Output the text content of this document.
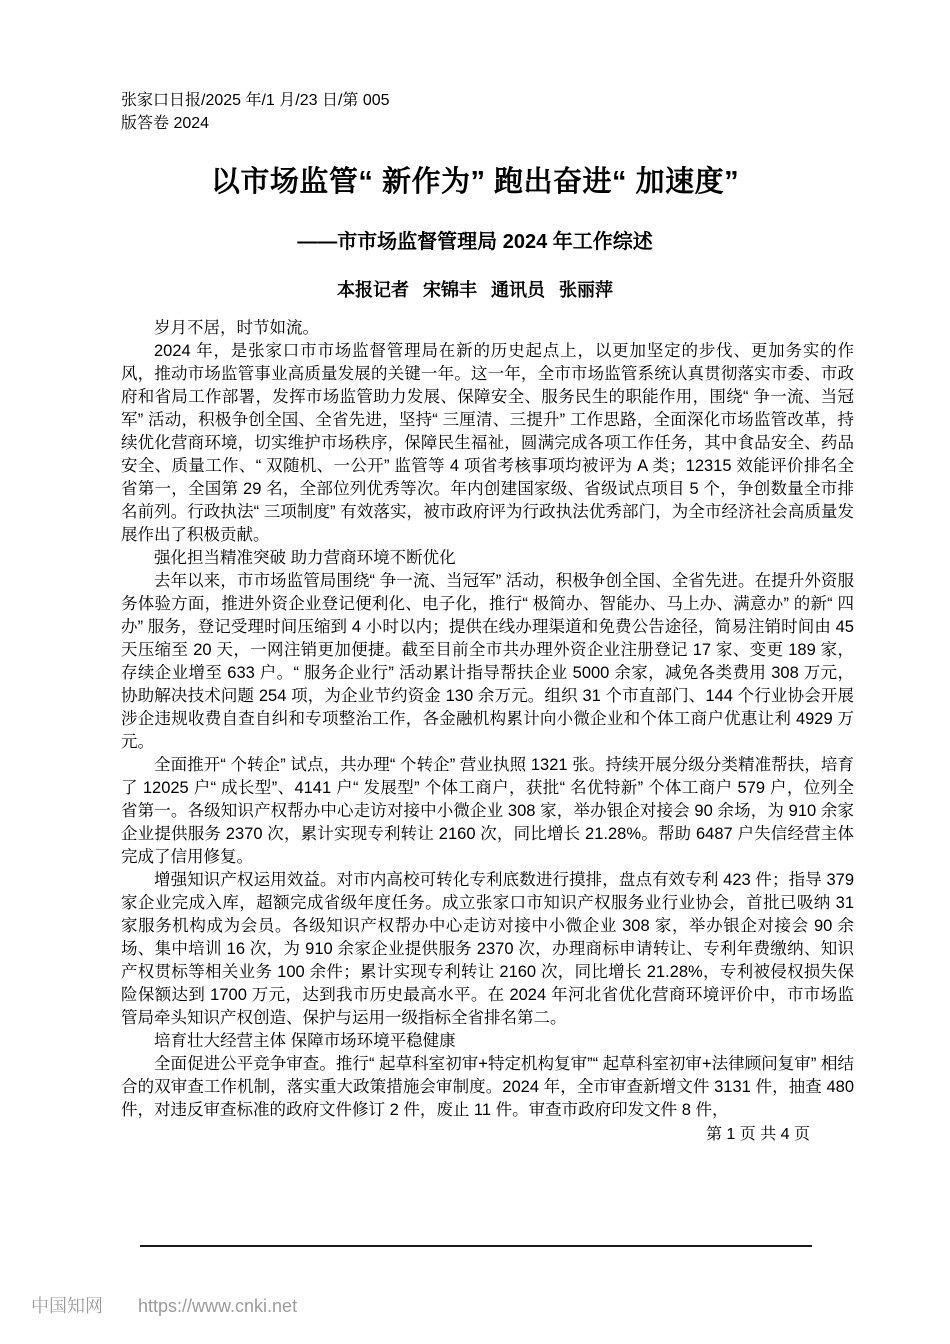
张家口日报/2025 年/1 月/23 日/第 005
版答卷 2024
以市场监管“ 新作为” 跑出奋进“ 加速度”
——市市场监督管理局 2024 年工作综述
本报记者 宋锦丰 通讯员 张丽萍

岁月不居，时节如流。

2024 年，是张家口市市场监督管理局在新的历史起点上，以更加坚定的步伐、更加务实的作风，推动市场监管事业高质量发展的关键一年。这一年，全市市场监管系统认真贯彻落实市委、市政府和省局工作部署，发挥市场监管助力发展、保障安全、服务民生的职能作用，围绕“ 争一流、当冠军” 活动，积极争创全国、全省先进，坚持“ 三厘清、三提升” 工作思路，全面深化市场监管改革，持续优化营商环境，切实维护市场秩序，保障民生福祉，圆满完成各项工作任务，其中食品安全、药品安全、质量工作、“ 双随机、一公开” 监管等 4 项省考核事项均被评为 A 类；12315 效能评价排名全省第一，全国第 29 名，全部位列优秀等次。年内创建国家级、省级试点项目 5 个，争创数量全市排名前列。行政执法“ 三项制度” 有效落实，被市政府评为行政执法优秀部门，为全市经济社会高质量发展作出了积极贡献。

强化担当精准突破 助力营商环境不断优化

去年以来，市市场监管局围绕“ 争一流、当冠军” 活动，积极争创全国、全省先进。在提升外资服务体验方面，推进外资企业登记便利化、电子化，推行“ 极简办、智能办、马上办、满意办” 的新“ 四办” 服务，登记受理时间压缩到 4 小时以内；提供在线办理渠道和免费公告途径，简易注销时间由 45 天压缩至 20 天，一网注销更加便捷。截至目前全市共办理外资企业注册登记 17 家、变更 189 家，存续企业增至 633 户。“ 服务企业行” 活动累计指导帮扶企业 5000 余家，减免各类费用 308 万元，协助解决技术问题 254 项，为企业节约资金 130 余万元。组织 31 个市直部门、144 个行业协会开展涉企违规收费自查自纠和专项整治工作，各金融机构累计向小微企业和个体工商户优惠让利 4929 万元。

全面推开“ 个转企” 试点，共办理“ 个转企” 营业执照 1321 张。持续开展分级分类精准帮扶，培育了 12025 户“ 成长型”、4141 户“ 发展型” 个体工商户，获批“ 名优特新” 个体工商户 579 户，位列全省第一。各级知识产权帮办中心走访对接中小微企业 308 家，举办银企对接会 90 余场，为 910 余家企业提供服务 2370 次，累计实现专利转让 2160 次，同比增长 21.28%。帮助 6487 户失信经营主体完成了信用修复。

增强知识产权运用效益。对市内高校可转化专利底数进行摸排，盘点有效专利 423 件；指导 379 家企业完成入库，超额完成省级年度任务。成立张家口市知识产权服务业行业协会，首批已吸纳 31 家服务机构成为会员。各级知识产权帮办中心走访对接中小微企业 308 家，举办银企对接会 90 余场、集中培训 16 次，为 910 余家企业提供服务 2370 次，办理商标申请转让、专利年费缴纳、知识产权贯标等相关业务 100 余件；累计实现专利转让 2160 次，同比增长 21.28%，专利被侵权损失保险保额达到 1700 万元，达到我市历史最高水平。在 2024 年河北省优化营商环境评价中，市市场监管局牵头知识产权创造、保护与运用一级指标全省排名第二。

培育壮大经营主体 保障市场环境平稳健康

全面促进公平竞争审查。推行“ 起草科室初审+特定机构复审”“ 起草科室初审+法律顾问复审” 相结合的双审查工作机制，落实重大政策措施会审制度。2024 年，全市审查新增文件 3131 件，抽查 480 件，对违反审查标准的政府文件修订 2 件，废止 11 件。审查市政府印发文件 8 件，

第 1 页 共 4 页
中国知网 https://www.cnki.net
